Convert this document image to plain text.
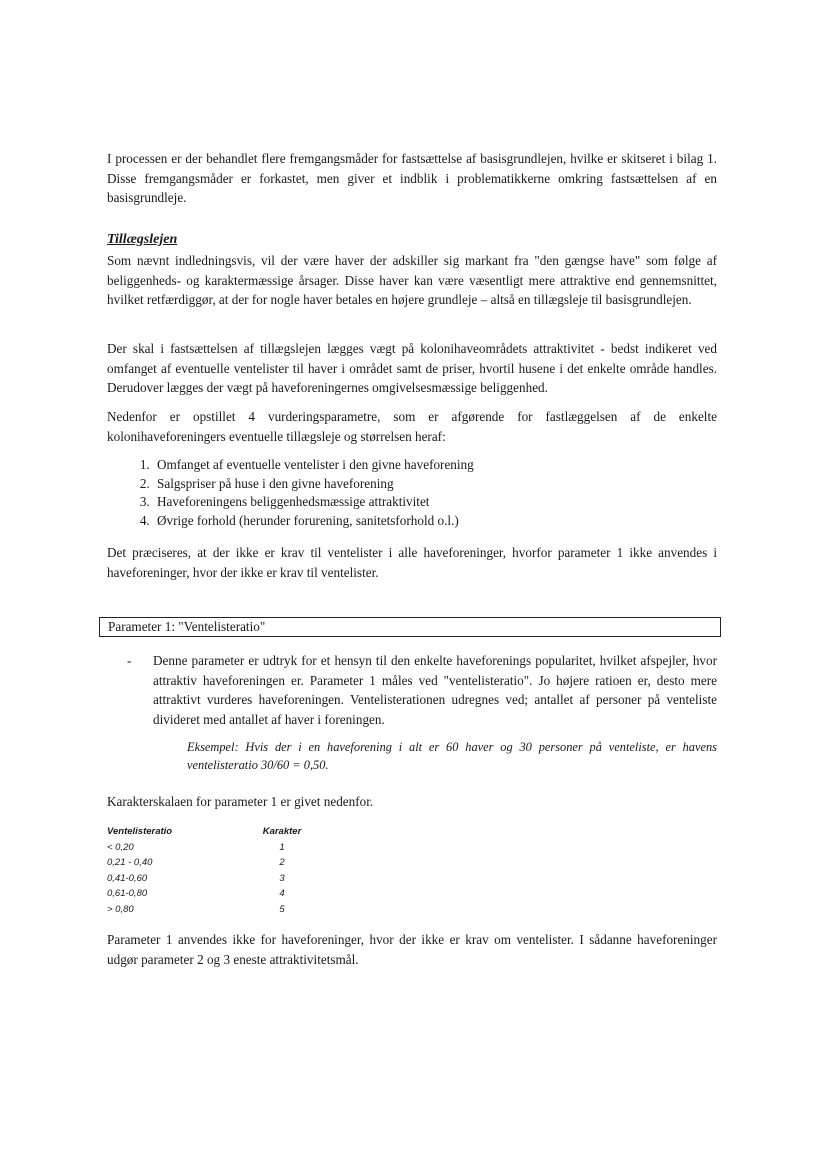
I processen er der behandlet flere fremgangsmåder for fastsættelse af basisgrundlejen, hvilke er skitseret i bilag 1. Disse fremgangsmåder er forkastet, men giver et indblik i problematikkerne omkring fastsættelsen af en basisgrundleje.

Tillægslejen

Som nævnt indledningsvis, vil der være haver der adskiller sig markant fra "den gængse have" som følge af beliggenheds- og karaktermæssige årsager. Disse haver kan være væsentligt mere attraktive end gennemsnittet, hvilket retfærdiggør, at der for nogle haver betales en højere grundleje – altså en tillægsleje til basisgrundlejen.

Der skal i fastsættelsen af tillægslejen lægges vægt på kolonihaveområdets attraktivitet - bedst indikeret ved omfanget af eventuelle ventelister til haver i området samt de priser, hvortil husene i det enkelte område handles. Derudover lægges der vægt på haveforeningernes omgivelsesmæssige beliggenhed.

Nedenfor er opstillet 4 vurderingsparametre, som er afgørende for fastlæggelsen af de enkelte kolonihaveforeningers eventuelle tillægsleje og størrelsen heraf:

1. Omfanget af eventuelle ventelister i den givne haveforening
2. Salgspriser på huse i den givne haveforening
3. Haveforeningens beliggenhedsmæssige attraktivitet
4. Øvrige forhold (herunder forurening, sanitetsforhold o.l.)

Det præciseres, at der ikke er krav til ventelister i alle haveforeninger, hvorfor parameter 1 ikke anvendes i haveforeninger, hvor der ikke er krav til ventelister.

Parameter 1: "Ventelisteratio"
- Denne parameter er udtryk for et hensyn til den enkelte haveforenings popularitet, hvilket afspejler, hvor attraktiv haveforeningen er. Parameter 1 måles ved "ventelisteratio". Jo højere ratioen er, desto mere attraktivt vurderes haveforeningen. Ventelisterationen udregnes ved; antallet af personer på venteliste divideret med antallet af haver i foreningen.

Eksempel: Hvis der i en haveforening i alt er 60 haver og 30 personer på venteliste, er havens ventelisteratio 30/60 = 0,50.

Karakterskalaen for parameter 1 er givet nedenfor.

Ventelisteratio	Karakter
< 0,20	1
0,21 - 0,40	2
0,41-0,60	3
0,61-0,80	4
> 0,80	5

Parameter 1 anvendes ikke for haveforeninger, hvor der ikke er krav om ventelister. I sådanne haveforeninger udgør parameter 2 og 3 eneste attraktivitetsmål.
